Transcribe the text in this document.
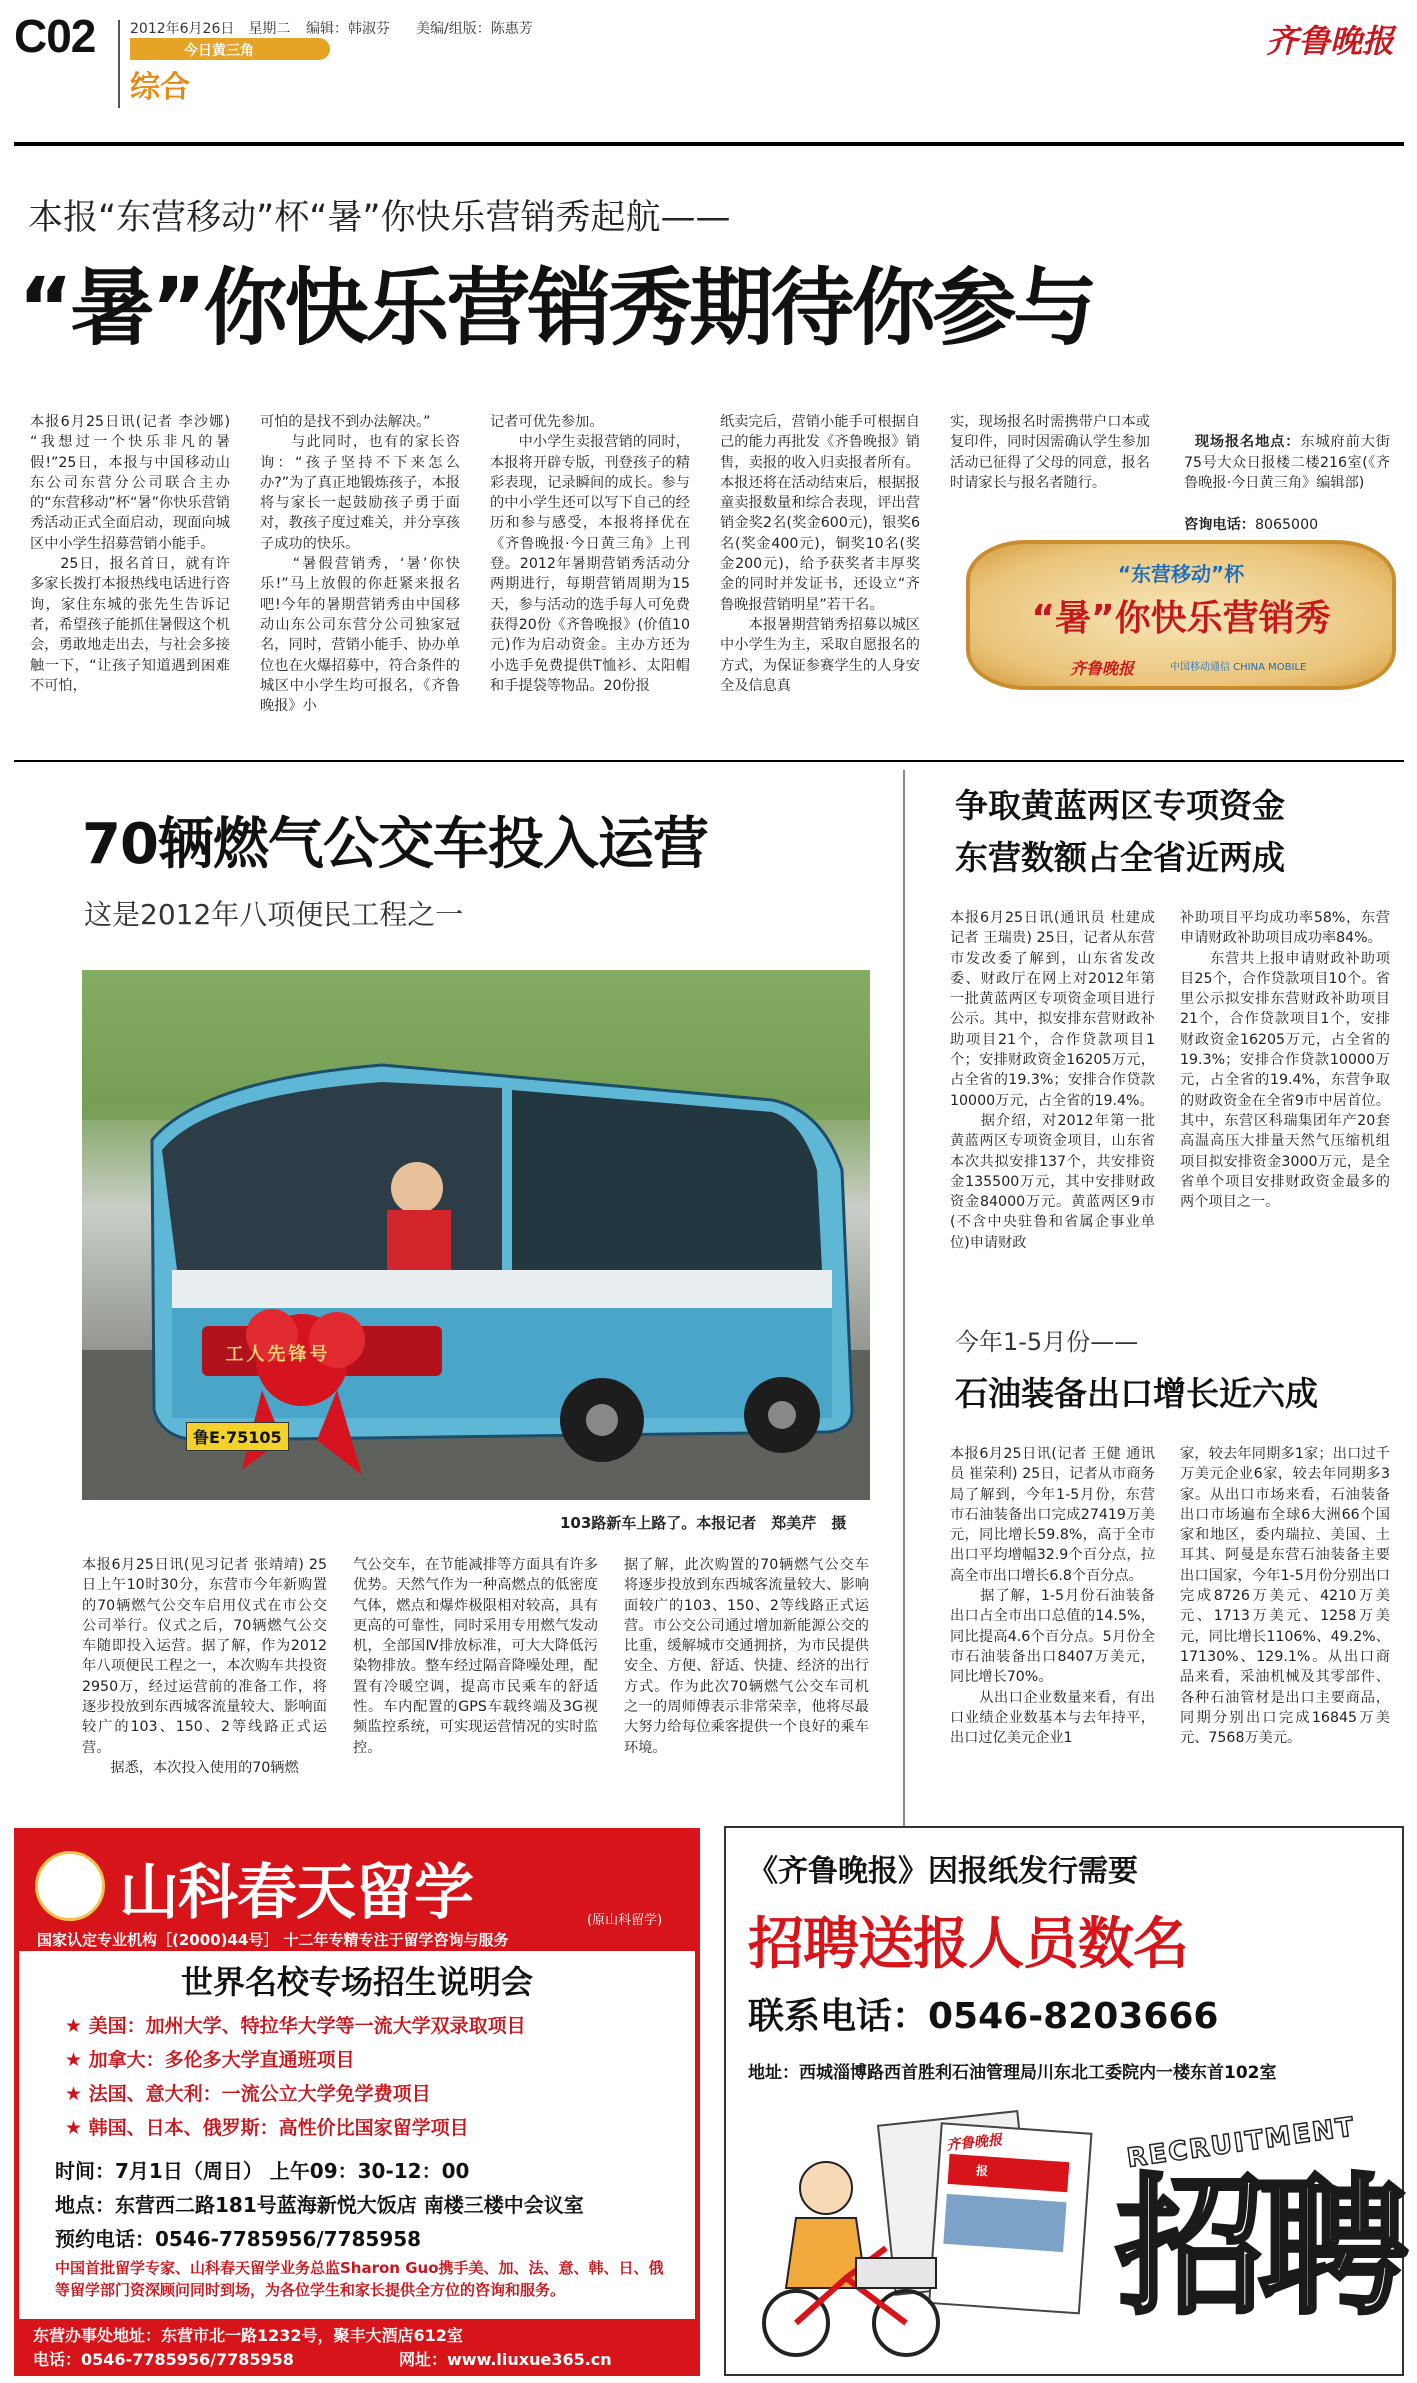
C02 2012年6月26日　星期二 编辑：韩淑芬 美编/组版：陈惠芳
今日黄三角
综合
齐鲁晚报
本报“东营移动”杯“暑”你快乐营销秀起航——
“暑”你快乐营销秀期待你参与
本报6月25日讯(记者 李沙娜) “我想过一个快乐非凡的暑假!”25日，本报与中国移动山东公司东营分公司联合主办的“东营移动”杯“暑”你快乐营销秀活动正式全面启动，现面向城区中小学生招募营销小能手。
　　25日，报名首日，就有许多家长拨打本报热线电话进行咨询，家住东城的张先生告诉记者，希望孩子能抓住暑假这个机会，勇敢地走出去，与社会多接触一下，“让孩子知道遇到困难不可怕，
可怕的是找不到办法解决。”
　　与此同时，也有的家长咨询：“孩子坚持不下来怎么办?”为了真正地锻炼孩子，本报将与家长一起鼓励孩子勇于面对，教孩子度过难关，并分享孩子成功的快乐。
　　“暑假营销秀，‘暑’你快乐!”马上放假的你赶紧来报名吧!今年的暑期营销秀由中国移动山东公司东营分公司独家冠名，同时，营销小能手、协办单位也在火爆招募中，符合条件的城区中小学生均可报名，《齐鲁晚报》小
记者可优先参加。
　　中小学生卖报营销的同时，本报将开辟专版，刊登孩子的精彩表现，记录瞬间的成长。参与的中小学生还可以写下自己的经历和参与感受，本报将择优在《齐鲁晚报·今日黄三角》上刊登。2012年暑期营销秀活动分两期进行，每期营销周期为15天，参与活动的选手每人可免费获得20份《齐鲁晚报》(价值10元)作为启动资金。主办方还为小选手免费提供T恤衫、太阳帽和手提袋等物品。20份报
纸卖完后，营销小能手可根据自己的能力再批发《齐鲁晚报》销售，卖报的收入归卖报者所有。本报还将在活动结束后，根据报童卖报数量和综合表现，评出营销金奖2名(奖金600元)，银奖6名(奖金400元)，铜奖10名(奖金200元)，给予获奖者丰厚奖金的同时并发证书，还设立“齐鲁晚报营销明星”若干名。
　　本报暑期营销秀招募以城区中小学生为主，采取自愿报名的方式，为保证参赛学生的人身安全及信息真
实，现场报名时需携带户口本或复印件，同时因需确认学生参加活动已征得了父母的同意，报名时请家长与报名者随行。

现场报名地点：东城府前大街75号大众日报楼二楼216室(《齐鲁晚报·今日黄三角》编辑部)

咨询电话：8065000

“东营移动”杯
“暑”你快乐营销秀
齐鲁晚报	中国移动通信 CHINA MOBILE
70辆燃气公交车投入运营
这是2012年八项便民工程之一
工人先锋号
鲁E·75105
103路新车上路了。本报记者　郑美芹　摄
本报6月25日讯(见习记者 张靖靖) 25日上午10时30分，东营市今年新购置的70辆燃气公交车启用仪式在市公交公司举行。仪式之后，70辆燃气公交车随即投入运营。据了解，作为2012年八项便民工程之一，本次购车共投资2950万，经过运营前的准备工作，将逐步投放到东西城客流量较大、影响面较广的103、150、2等线路正式运营。
　　据悉，本次投入使用的70辆燃
气公交车，在节能减排等方面具有许多优势。天然气作为一种高燃点的低密度气体，燃点和爆炸极限相对较高，具有更高的可靠性，同时采用专用燃气发动机，全部国Ⅳ排放标准，可大大降低污染物排放。整车经过隔音降噪处理，配置有冷暖空调，提高市民乘车的舒适性。车内配置的GPS车载终端及3G视频监控系统，可实现运营情况的实时监控。
据了解，此次购置的70辆燃气公交车将逐步投放到东西城客流量较大、影响面较广的103、150、2等线路正式运营。市公交公司通过增加新能源公交的比重，缓解城市交通拥挤，为市民提供安全、方便、舒适、快捷、经济的出行方式。作为此次70辆燃气公交车司机之一的周师傅表示非常荣幸，他将尽最大努力给每位乘客提供一个良好的乘车环境。
争取黄蓝两区专项资金
东营数额占全省近两成
本报6月25日讯(通讯员 杜建成 记者 王瑞贵) 25日，记者从东营市发改委了解到，山东省发改委、财政厅在网上对2012年第一批黄蓝两区专项资金项目进行公示。其中，拟安排东营财政补助项目21个，合作贷款项目1个；安排财政资金16205万元，占全省的19.3%；安排合作贷款10000万元，占全省的19.4%。
　　据介绍，对2012年第一批黄蓝两区专项资金项目，山东省本次共拟安排137个，共安排资金135500万元，其中安排财政资金84000万元。黄蓝两区9市(不含中央驻鲁和省属企事业单位)申请财政
补助项目平均成功率58%，东营申请财政补助项目成功率84%。
　　东营共上报申请财政补助项目25个，合作贷款项目10个。省里公示拟安排东营财政补助项目21个，合作贷款项目1个，安排财政资金16205万元，占全省的19.3%；安排合作贷款10000万元，占全省的19.4%，东营争取的财政资金在全省9市中居首位。其中，东营区科瑞集团年产20套高温高压大排量天然气压缩机组项目拟安排资金3000万元，是全省单个项目安排财政资金最多的两个项目之一。
今年1-5月份——
石油装备出口增长近六成
本报6月25日讯(记者 王健 通讯员 崔荣利) 25日，记者从市商务局了解到，今年1-5月份，东营市石油装备出口完成27419万美元，同比增长59.8%，高于全市出口平均增幅32.9个百分点，拉高全市出口增长6.8个百分点。
　　据了解，1-5月份石油装备出口占全市出口总值的14.5%，同比提高4.6个百分点。5月份全市石油装备出口8407万美元，同比增长70%。
　　从出口企业数量来看，有出口业绩企业数基本与去年持平，出口过亿美元企业1
家，较去年同期多1家；出口过千万美元企业6家，较去年同期多3家。从出口市场来看，石油装备出口市场遍布全球6大洲66个国家和地区，委内瑞拉、美国、土耳其、阿曼是东营石油装备主要出口国家，今年1-5月份分别出口完成8726万美元、4210万美元、1713万美元、1258万美元，同比增长1106%、49.2%、17130%、129.1%。从出口商品来看，采油机械及其零部件、各种石油管材是出口主要商品，同期分别出口完成16845万美元、7568万美元。
山科春天留学	(原山科留学)
国家认定专业机构［(2000)44号］ 十二年专精专注于留学咨询与服务
世界名校专场招生说明会
★ 美国：加州大学、特拉华大学等一流大学双录取项目
★ 加拿大：多伦多大学直通班项目
★ 法国、意大利：一流公立大学免学费项目
★ 韩国、日本、俄罗斯：高性价比国家留学项目
时间：7月1日（周日） 上午09：30-12：00
地点：东营西二路181号蓝海新悦大饭店 南楼三楼中会议室
预约电话：0546-7785956/7785958
中国首批留学专家、山科春天留学业务总监Sharon Guo携手美、加、法、意、韩、日、俄等留学部门资深顾问同时到场，为各位学生和家长提供全方位的咨询和服务。
东营办事处地址：东营市北一路1232号，聚丰大酒店612室
电话：0546-7785956/7785958	网址：www.liuxue365.cn
《齐鲁晚报》因报纸发行需要
招聘送报人员数名
联系电话：0546-8203666
地址：西城淄博路西首胜利石油管理局川东北工委院内一楼东首102室
齐鲁晚报
报	RECRUITMENT
招聘
